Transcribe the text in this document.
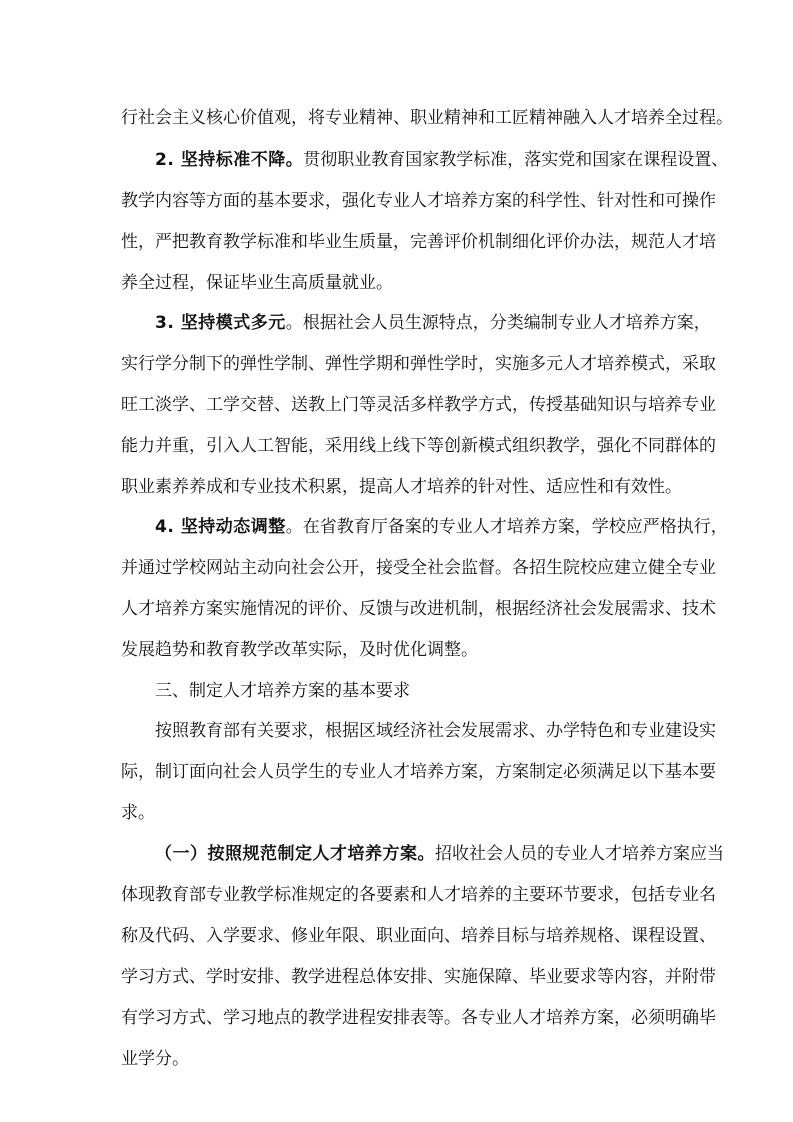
行社会主义核心价值观，将专业精神、职业精神和工匠精神融入人才培养全过程。
2. 坚持标准不降。贯彻职业教育国家教学标准，落实党和国家在课程设置、
教学内容等方面的基本要求，强化专业人才培养方案的科学性、针对性和可操作
性，严把教育教学标准和毕业生质量，完善评价机制细化评价办法，规范人才培
养全过程，保证毕业生高质量就业。
3. 坚持模式多元。根据社会人员生源特点，分类编制专业人才培养方案，
实行学分制下的弹性学制、弹性学期和弹性学时，实施多元人才培养模式，采取
旺工淡学、工学交替、送教上门等灵活多样教学方式，传授基础知识与培养专业
能力并重，引入人工智能，采用线上线下等创新模式组织教学，强化不同群体的
职业素养养成和专业技术积累，提高人才培养的针对性、适应性和有效性。
4. 坚持动态调整。在省教育厅备案的专业人才培养方案，学校应严格执行，
并通过学校网站主动向社会公开，接受全社会监督。各招生院校应建立健全专业
人才培养方案实施情况的评价、反馈与改进机制，根据经济社会发展需求、技术
发展趋势和教育教学改革实际，及时优化调整。
三、制定人才培养方案的基本要求
按照教育部有关要求，根据区域经济社会发展需求、办学特色和专业建设实
际，制订面向社会人员学生的专业人才培养方案，方案制定必须满足以下基本要
求。
（一）按照规范制定人才培养方案。招收社会人员的专业人才培养方案应当
体现教育部专业教学标准规定的各要素和人才培养的主要环节要求，包括专业名
称及代码、入学要求、修业年限、职业面向、培养目标与培养规格、课程设置、
学习方式、学时安排、教学进程总体安排、实施保障、毕业要求等内容，并附带
有学习方式、学习地点的教学进程安排表等。各专业人才培养方案，必须明确毕
业学分。
